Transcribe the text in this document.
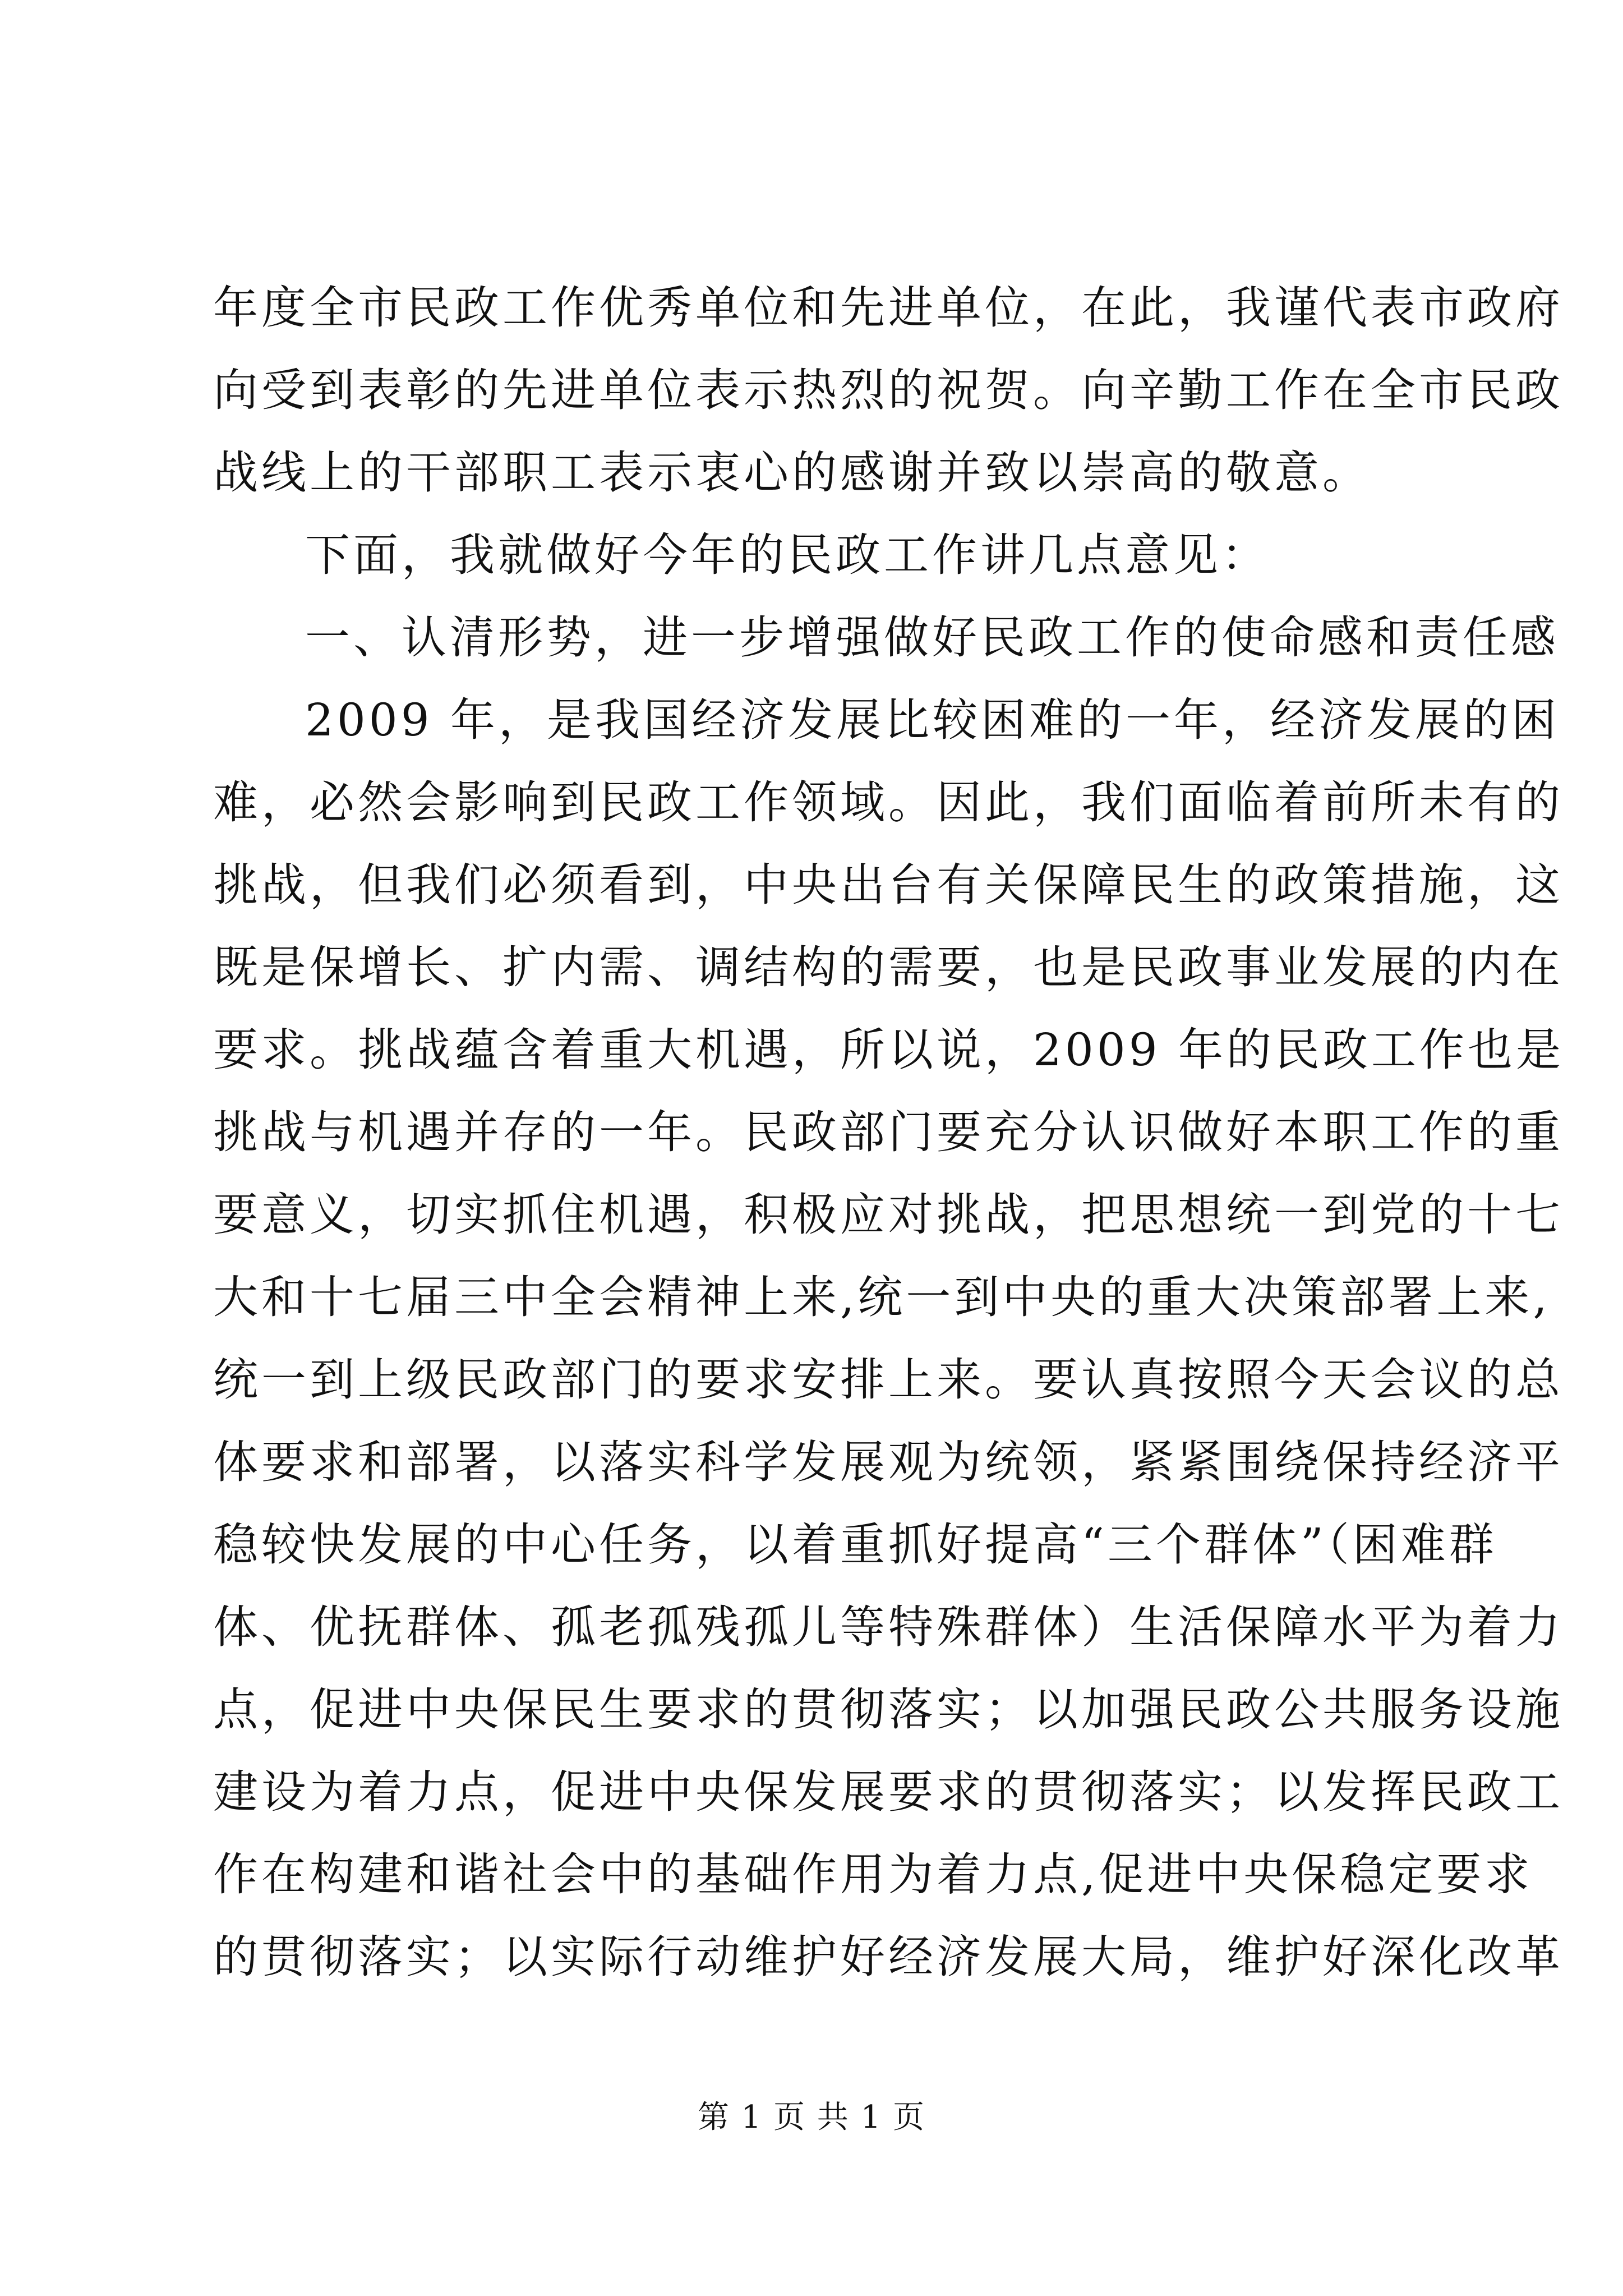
年度全市民政工作优秀单位和先进单位，在此，我谨代表市政府
向受到表彰的先进单位表示热烈的祝贺。向辛勤工作在全市民政
战线上的干部职工表示衷心的感谢并致以崇高的敬意。
下面，我就做好今年的民政工作讲几点意见：
一、认清形势，进一步增强做好民政工作的使命感和责任感
2009 年，是我国经济发展比较困难的一年，经济发展的困
难，必然会影响到民政工作领域。因此，我们面临着前所未有的
挑战，但我们必须看到，中央出台有关保障民生的政策措施，这
既是保增长、扩内需、调结构的需要，也是民政事业发展的内在
要求。挑战蕴含着重大机遇，所以说，2009 年的民政工作也是
挑战与机遇并存的一年。民政部门要充分认识做好本职工作的重
要意义，切实抓住机遇，积极应对挑战，把思想统一到党的十七
大和十七届三中全会精神上来,统一到中央的重大决策部署上来,
统一到上级民政部门的要求安排上来。要认真按照今天会议的总
体要求和部署，以落实科学发展观为统领，紧紧围绕保持经济平
稳较快发展的中心任务，以着重抓好提高“三个群体”（困难群
体、优抚群体、孤老孤残孤儿等特殊群体）生活保障水平为着力
点，促进中央保民生要求的贯彻落实；以加强民政公共服务设施
建设为着力点，促进中央保发展要求的贯彻落实；以发挥民政工
作在构建和谐社会中的基础作用为着力点,促进中央保稳定要求
的贯彻落实；以实际行动维护好经济发展大局，维护好深化改革
第 1 页 共 1 页
